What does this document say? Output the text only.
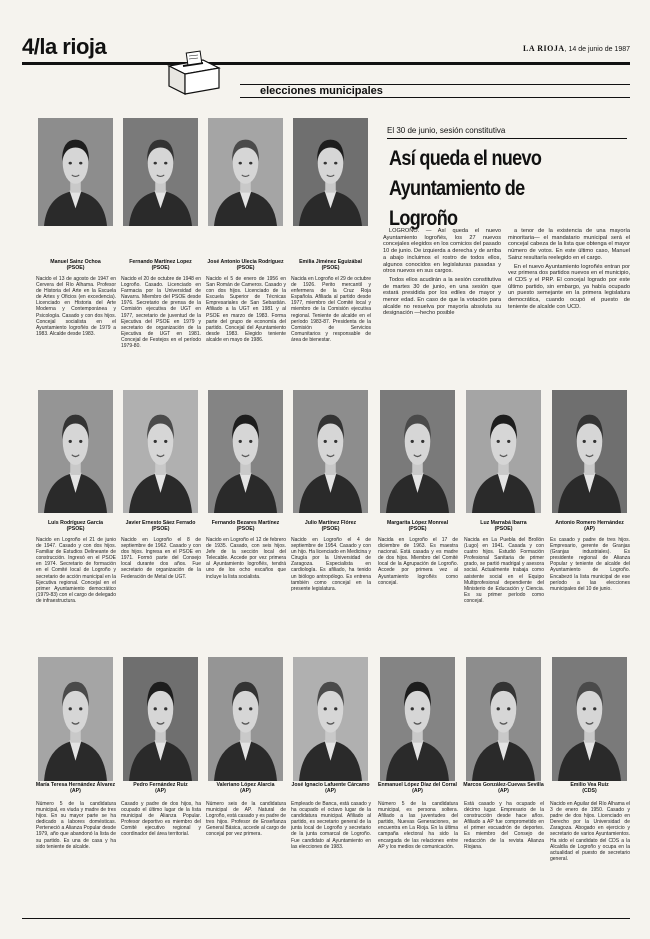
4/la rioja	LA RIOJA, 14 de junio de 1987
elecciones municipales
El 30 de junio, sesión constitutiva
Así queda el nuevo Ayuntamiento de Logroño

LOGROÑO. — Así queda el nuevo Ayuntamiento logroñés, los 27 nuevos concejales elegidos en los comicios del pasado 10 de junio. De izquierda a derecha y de arriba a abajo incluimos el rostro de todos ellos, algunos conocidos en legislaturas pasadas y otros nuevos en sus cargos.

Todos ellos acudirán a la sesión constitutiva de martes 30 de junio, en una sesión que estará presidida por los ediles de mayor y menor edad. En caso de que la votación para alcalde no resuelva por mayoría absoluta su designación —hecho posible

a tenor de la existencia de una mayoría minoritaria— el mandatario municipal será el concejal cabeza de la lista que obtenga el mayor número de votos. En este último caso, Manuel Sainz resultaría reelegido en el cargo.

En el nuevo Ayuntamiento logroñés entran por vez primera dos partidos nuevos en el municipio, el CDS y el PRP. El concejal logrado por este último partido, sin embargo, ya había ocupado un puesto semejante en la primera legislatura democrática, cuando ocupó el puesto de teniente de alcalde con UCD.

Manuel Sainz Ochoa
(PSOE)
Nacido el 13 de agosto de 1947 en Cervera del Río Alhama. Profesor de Historia del Arte en la Escuela de Artes y Oficios (en excedencia). Licenciado en Historia del Arte Moderna y Contemporánea y Psicología. Casado y con dos hijos. Concejal socialista en el Ayuntamiento logroñés de 1979 a 1983. Alcalde desde 1983.
Fernando Martínez Lopez
(PSOE)
Nacido el 20 de octubre de 1948 en Logroño. Casado. Licenciado en Farmacia por la Universidad de Navarra. Miembro del PSOE desde 1976. Secretario de prensa de la Comisión ejecutiva de UGT en 1977, secretario de juventud de la Ejecutiva del PSOE en 1979 y secretario de organización de la Ejecutiva de UGT en 1981. Concejal de Festejos en el período 1979-80.
José Antonio Ulecia Rodríguez
(PSOE)
Nacido el 5 de enero de 1956 en San Román de Cameros. Casado y con dos hijos. Licenciado de la Escuela Superior de Técnicas Empresariales de San Sebastián. Afiliado a la UGT en 1981 y al PSOE en marzo de 1983. Forma parte del grupo de economía del partido. Concejal del Ayuntamiento desde 1983. Elegido teniente alcalde en mayo de 1986.
Emilia Jiménez Eguizábal
(PSOE)
Nacida en Logroño el 29 de octubre de 1926. Perito mercantil y enfermera de la Cruz Roja Española. Afiliada al partido desde 1977, miembro del Comité local y miembro de la Comisión ejecutiva regional. Teniente de alcalde en el período 1983-87. Presidenta de la Comisión de Servicios Comunitarios y responsable de área de bienestar.
Luis Rodríguez García
(PSOE)
Nacido en Logroño el 21 de junio de 1947. Casado y con dos hijos. Familiar de Estudios Delineante de construcción. Ingresó en el PSOE en 1974. Secretario de formación en el Comité local de Logroño y secretario de acción municipal en la Ejecutiva regional. Concejal en el primer Ayuntamiento democrático (1979-83) con el cargo de delegado de infraestructura.
Javier Ernesto Sáez Ferrado
(PSOE)
Nacido en Logroño el 8 de septiembre de 1962. Casado y con dos hijos. Ingresa en el PSOE en 1971. Formó parte del Consejo local durante dos años. Fue secretario de organización de la Federación de Metal de UGT.
Fernando Bezares Martínez
(PSOE)
Nacido en Logroño el 12 de febrero de 1935. Casado, con seis hijos. Jefe de la sección local del Telecable. Accede por vez primera al Ayuntamiento logroñés, tendrá uno de los ocho escaños que incluye la lista socialista.
Julio Martínez Flórez
(PSOE)
Nacido en Logroño el 4 de septiembre de 1954. Casado y con un hijo. Ha licenciado en Medicina y Cirugía por la Universidad de Zaragoza. Especialista en cardiología. Es afiliado, ha tenido un biólogo antropólogo. Es entrena también como concejal en la presente legislatura.
Margarita López Monreal
(PSOE)
Nacida en Logroño el 17 de diciembre de 1963. Es maestra nacional. Está casada y es madre de dos hijos. Miembro del Comité local de la Agrupación de Logroño. Accede por primera vez al Ayuntamiento logroñés como concejal.
Luz Marrabá Ibarra
(PSOE)
Nacida en La Puebla del Brollón (Lugo) en 1941. Casada y con cuatro hijos. Estudió Formación Profesional Sanitaria de primer grado, se partió madrigal y asesora social. Actualmente trabaja como asistente social en el Equipo Multiprofesional dependiente del Ministerio de Educación y Ciencia. Es su primer período como concejal.
Antonio Romero Hernández
(AP)
Es casado y padre de tres hijos. Empresario, gerente de Granjas (Granjas industriales). Es presidente regional de Alianza Popular y teniente de alcalde del Ayuntamiento de Logroño. Encabezó la lista municipal de ese período a las elecciones municipales del 10 de junio.
María Teresa Hernández Álvarez
(AP)
Número 5 de la candidatura municipal, es viuda y madre de tres hijos. En su mayor parte se ha dedicado a labores domésticas. Perteneció a Alianza Popular desde 1979, año que abandonó la lista de su partido. Es una de casa y ha sido teniente de alcalde.
Pedro Fernández Ruiz
(AP)
Casado y padre de dos hijos, ha ocupado el último lugar de la lista municipal de Alianza Popular. Profesor deportivo es miembro del Comité ejecutivo regional y coordinador del área territorial.
Valeriano López Alarcia
(AP)
Número seis de la candidatura municipal de AP. Natural de Logroño, está casado y es padre de tres hijos. Profesor de Enseñanza General Básica, accede al cargo de concejal por vez primera.
José Ignacio Lafuente Cárcamo
(AP)
Empleado de Banca, está casado y ha ocupado el octavo lugar de la candidatura municipal. Afiliado al partido, es secretario general de la junta local de Logroño y secretario de la junta comarcal de Logroño. Fue candidato al Ayuntamiento en las elecciones de 1983.
Enmanuel López Díaz del Corral
(AP)
Número 5 de la candidatura municipal, es persona soltera. Afiliado a las juventudes del partido, Nuevas Generaciones, se encuentra en La Rioja. En la última campaña electoral ha sido la encargada de las relaciones entre AP y los medios de comunicación.
Marcos González-Cuevas Sevilla
(AP)
Está casado y ha ocupado el décimo lugar. Empresario de la construcción desde hace años. Afiliado a AP fue comprometido en el primer escuadrón de deportes. Es miembro del Consejo de redacción de la revista Alianza Riojana.
Emilio Vea Ruiz
(CDS)
Nacido en Aguilar del Río Alhama el 3 de enero de 1950. Casado y padre de dos hijos. Licenciado en Derecho por la Universidad de Zaragoza. Abogado en ejercicio y secretario de varios Ayuntamientos. Ha sido el candidato del CDS a la Alcaldía de Logroño y ocupa en la actualidad el puesto de secretario general.
